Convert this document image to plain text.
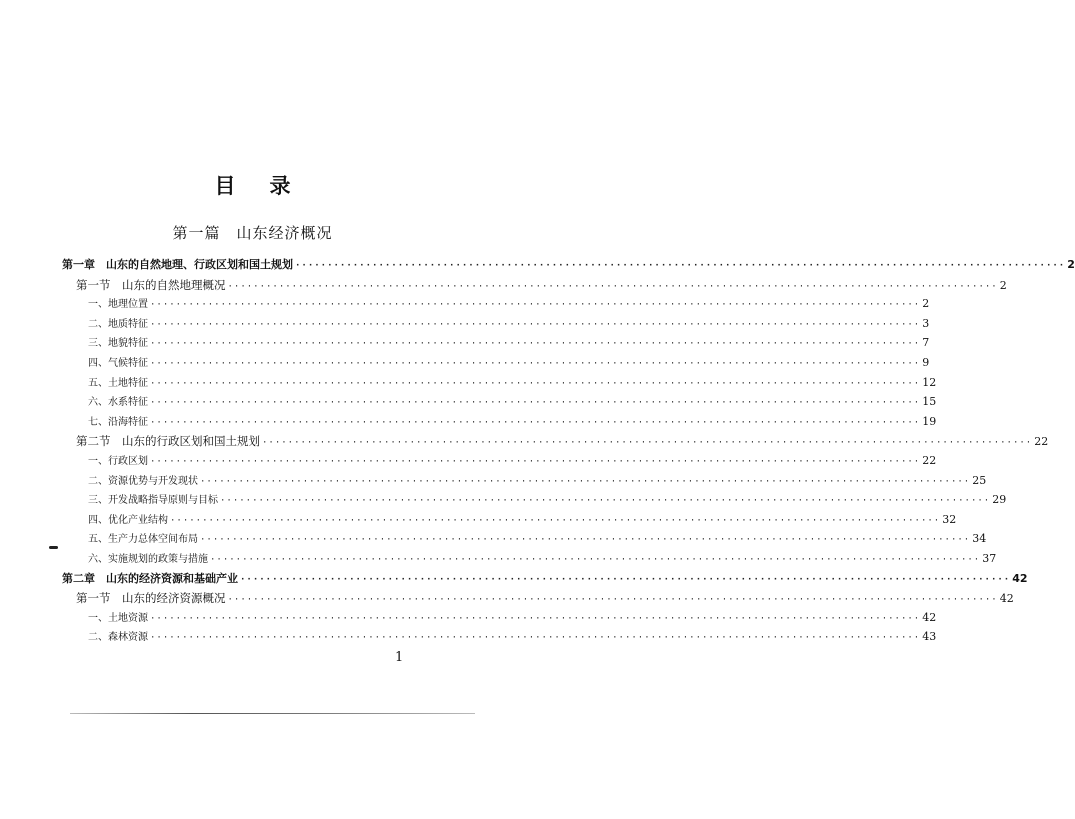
目录
第一篇 山东经济概况
第一章　山东的自然地理、行政区划和国土规划 ························································································································ 2
第一节　山东的自然地理概况 ························································································································ 2
一、地理位置 ························································································································ 2
二、地质特征 ························································································································ 3
三、地貌特征 ························································································································ 7
四、气候特征 ························································································································ 9
五、土地特征 ························································································································ 12
六、水系特征 ························································································································ 15
七、沿海特征 ························································································································ 19
第二节　山东的行政区划和国土规划 ························································································································ 22
一、行政区划 ························································································································ 22
二、资源优势与开发现状 ························································································································ 25
三、开发战略指导原则与目标 ························································································································ 29
四、优化产业结构 ························································································································ 32
五、生产力总体空间布局 ························································································································ 34
六、实施规划的政策与措施 ························································································································ 37
第二章　山东的经济资源和基础产业 ························································································································ 42
第一节　山东的经济资源概况 ························································································································ 42
一、土地资源 ························································································································ 42
二、森林资源 ························································································································ 43
1
